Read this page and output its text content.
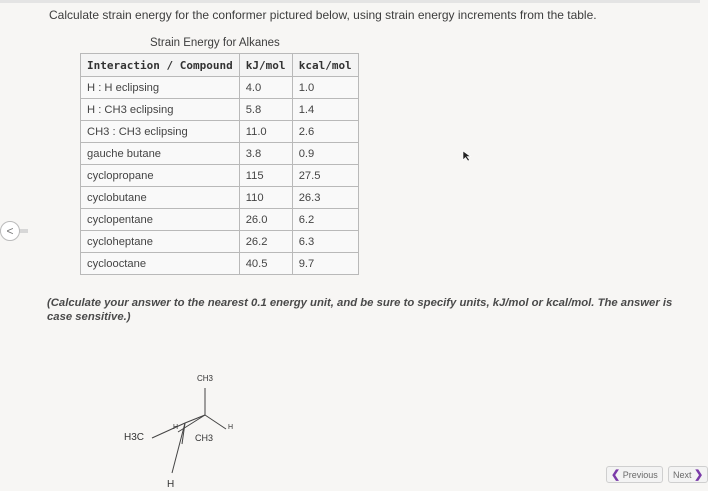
Calculate strain energy for the conformer pictured below, using strain energy increments from the table.
<
Strain Energy for Alkanes
Interaction / Compound	kJ/mol	kcal/mol
H : H eclipsing	4.0	1.0
H : CH3 eclipsing	5.8	1.4
CH3 : CH3 eclipsing	11.0	2.6
gauche butane	3.8	0.9
cyclopropane	115	27.5
cyclobutane	110	26.3
cyclopentane	26.0	6.2
cycloheptane	26.2	6.3
cyclooctane	40.5	9.7
(Calculate your answer to the nearest 0.1 energy unit, and be sure to specify units, kJ/mol or kcal/mol. The answer is case sensitive.)
CH3
H	H
H3C	CH3
H
❮ Previous	Next ❯
